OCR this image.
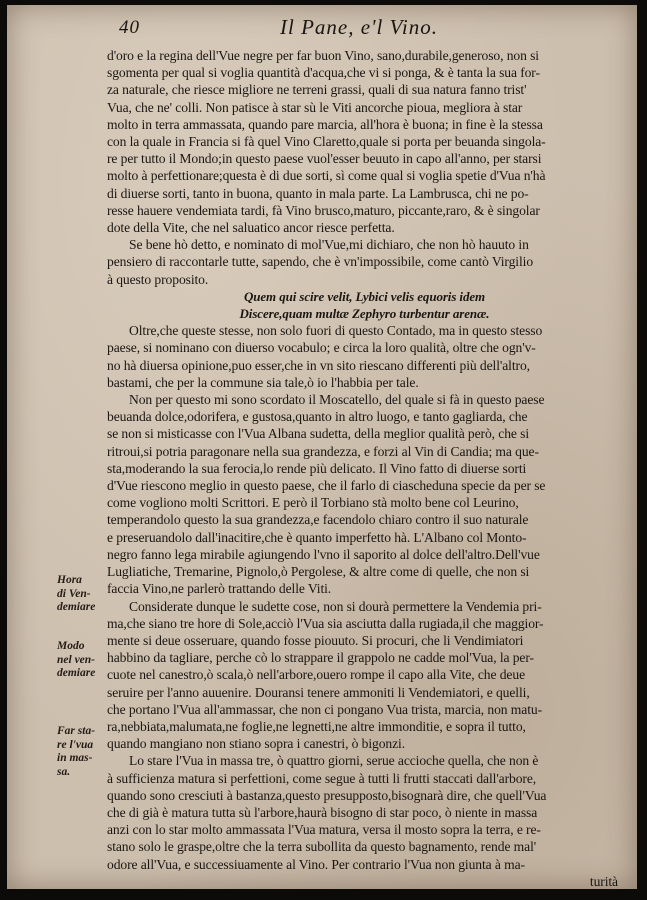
40	Il Pane, e'l Vino.
d'oro e la regina dell'Vue negre per far buon Vino, sano,durabile,generoso, non si
sgomenta per qual si voglia quantità d'acqua,che vi si ponga, & è tanta la sua for-
za naturale, che riesce migliore ne terreni grassi, quali di sua natura fanno trist'
Vua, che ne' colli. Non patisce à star sù le Viti ancorche pioua, megliora à star
molto in terra ammassata, quando pare marcia, all'hora è buona; in fine è la stessa
con la quale in Francia si fà quel Vino Claretto,quale si porta per beuanda singola-
re per tutto il Mondo;in questo paese vuol'esser beuuto in capo all'anno, per starsi
molto à perfettionare;questa è di due sorti, sì come qual si voglia spetie d'Vua n'hà
di diuerse sorti, tanto in buona, quanto in mala parte. La Lambrusca, chi ne po-
resse hauere vendemiata tardi, fà Vino brusco,maturo, piccante,raro, & è singolar
dote della Vite, che nel saluatico ancor riesce perfetta.
Se bene hò detto, e nominato di mol'Vue,mi dichiaro, che non hò hauuto in
pensiero di raccontarle tutte, sapendo, che è vn'impossibile, come cantò Virgilio
à questo proposito.
Quem qui scire velit, Lybici velis equoris idem
Discere,quam multæ Zephyro turbentur arenæ.
Oltre,che queste stesse, non solo fuori di questo Contado, ma in questo stesso
paese, si nominano con diuerso vocabulo; e circa la loro qualità, oltre che ogn'v-
no hà diuersa opinione,puo esser,che in vn sito riescano differenti più dell'altro,
bastami, che per la commune sia tale,ò io l'habbia per tale.
Non per questo mi sono scordato il Moscatello, del quale si fà in questo paese
beuanda dolce,odorifera, e gustosa,quanto in altro luogo, e tanto gagliarda, che
se non si misticasse con l'Vua Albana sudetta, della meglior qualità però, che si
ritroui,si potria paragonare nella sua grandezza, e forzi al Vin di Candia; ma que-
sta,moderando la sua ferocia,lo rende più delicato. Il Vino fatto di diuerse sorti
d'Vue riescono meglio in questo paese, che il farlo di ciascheduna specie da per se
come vogliono molti Scrittori. E però il Torbiano stà molto bene col Leurino,
temperandolo questo la sua grandezza,e facendolo chiaro contro il suo naturale
e preseruandolo dall'inacitire,che è quanto imperfetto hà. L'Albano col Monto-
negro fanno lega mirabile agiungendo l'vno il saporito al dolce dell'altro.Dell'vue
Lugliatiche, Tremarine, Pignolo,ò Pergolese, & altre come di quelle, che non si
faccia Vino,ne parlerò trattando delle Viti.
Considerate dunque le sudette cose, non si dourà permettere la Vendemia pri-
ma,che siano tre hore di Sole,acciò l'Vua sia asciutta dalla rugiada,il che maggior-
mente si deue osseruare, quando fosse piouuto. Si procuri, che li Vendimiatori
habbino da tagliare, perche cò lo strappare il grappolo ne cadde mol'Vua, la per-
cuote nel canestro,ò scala,ò nell'arbore,ouero rompe il capo alla Vite, che deue
seruire per l'anno auuenire. Douransi tenere ammoniti li Vendemiatori, e quelli,
che portano l'Vua all'ammassar, che non ci pongano Vua trista, marcia, non matu-
ra,nebbiata,malumata,ne foglie,ne legnetti,ne altre immonditie, e sopra il tutto,
quando mangiano non stiano sopra i canestri, ò bigonzi.
Lo stare l'Vua in massa tre, ò quattro giorni, serue accioche quella, che non è
à sufficienza matura si perfettioni, come segue à tutti li frutti staccati dall'arbore,
quando sono cresciuti à bastanza,questo presupposto,bisognarà dire, che quell'Vua
che di già è matura tutta sù l'arbore,haurà bisogno di star poco, ò niente in massa
anzi con lo star molto ammassata l'Vua matura, versa il mosto sopra la terra, e re-
stano solo le graspe,oltre che la terra subollita da questo bagnamento, rende mal'
odore all'Vua, e successiuamente al Vino. Per contrario l'Vua non giunta à ma-
turità
Hora
di Ven-
demiare
Modo
nel ven-
demiare
Far sta-
re l'vua
in mas-
sa.
